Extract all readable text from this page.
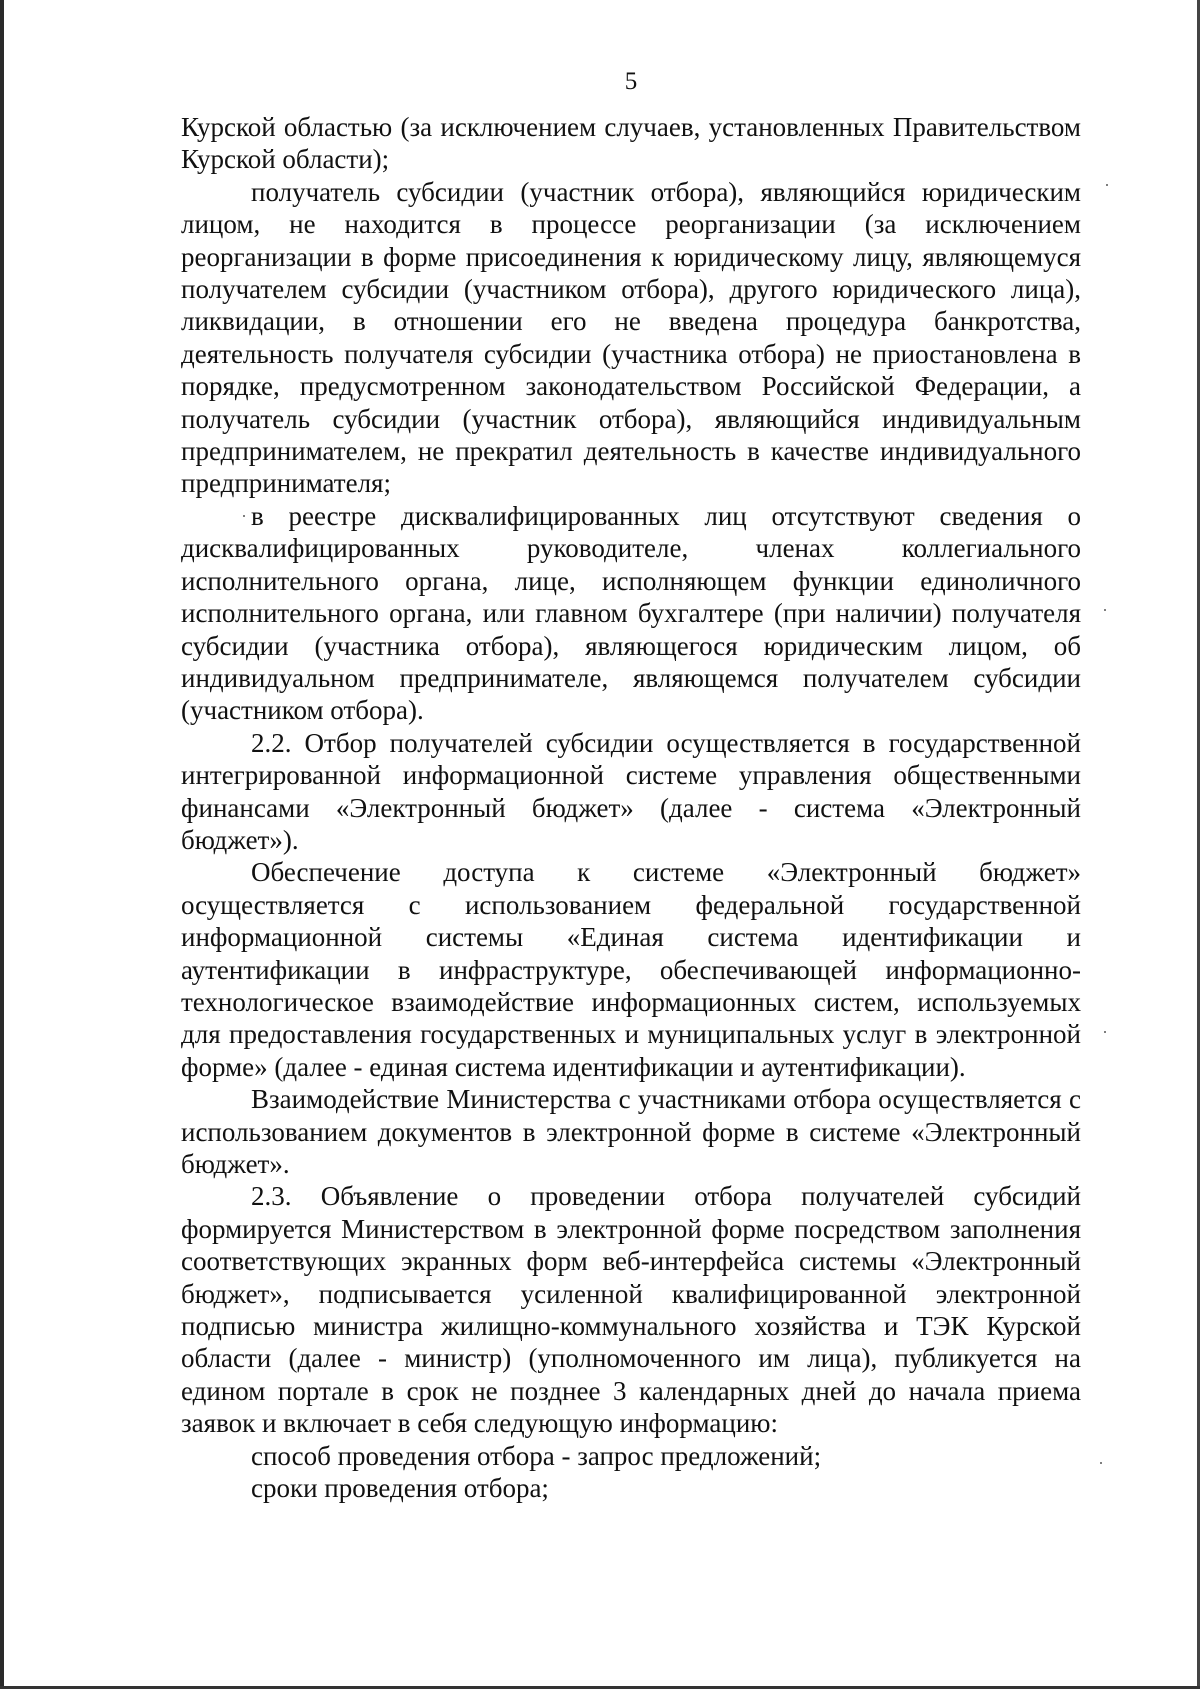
5

Курской областью (за исключением случаев, установленных Правительством Курской области);

получатель субсидии (участник отбора), являющийся юридическим лицом, не находится в процессе реорганизации (за исключением реорганизации в форме присоединения к юридическому лицу, являющемуся получателем субсидии (участником отбора), другого юридического лица), ликвидации, в отношении его не введена процедура банкротства, деятельность получателя субсидии (участника отбора) не приостановлена в порядке, предусмотренном законодательством Российской Федерации, а получатель субсидии (участник отбора), являющийся индивидуальным предпринимателем, не прекратил деятельность в качестве индивидуального предпринимателя;

в реестре дисквалифицированных лиц отсутствуют сведения о дисквалифицированных руководителе, членах коллегиального исполнительного органа, лице, исполняющем функции единоличного исполнительного органа, или главном бухгалтере (при наличии) получателя субсидии (участника отбора), являющегося юридическим лицом, об индивидуальном предпринимателе, являющемся получателем субсидии (участником отбора).

2.2. Отбор получателей субсидии осуществляется в государственной интегрированной информационной системе управления общественными финансами «Электронный бюджет» (далее - система «Электронный бюджет»).

Обеспечение доступа к системе «Электронный бюджет» осуществляется с использованием федеральной государственной информационной системы «Единая система идентификации и аутентификации в инфраструктуре, обеспечивающей информационно-технологическое взаимодействие информационных систем, используемых для предоставления государственных и муниципальных услуг в электронной форме» (далее - единая система идентификации и аутентификации).

Взаимодействие Министерства с участниками отбора осуществляется с использованием документов в электронной форме в системе «Электронный бюджет».

2.3. Объявление о проведении отбора получателей субсидий формируется Министерством в электронной форме посредством заполнения соответствующих экранных форм веб-интерфейса системы «Электронный бюджет», подписывается усиленной квалифицированной электронной подписью министра жилищно-коммунального хозяйства и ТЭК Курской области (далее - министр) (уполномоченного им лица), публикуется на едином портале в срок не позднее 3 календарных дней до начала приема заявок и включает в себя следующую информацию:

способ проведения отбора - запрос предложений;

сроки проведения отбора;
